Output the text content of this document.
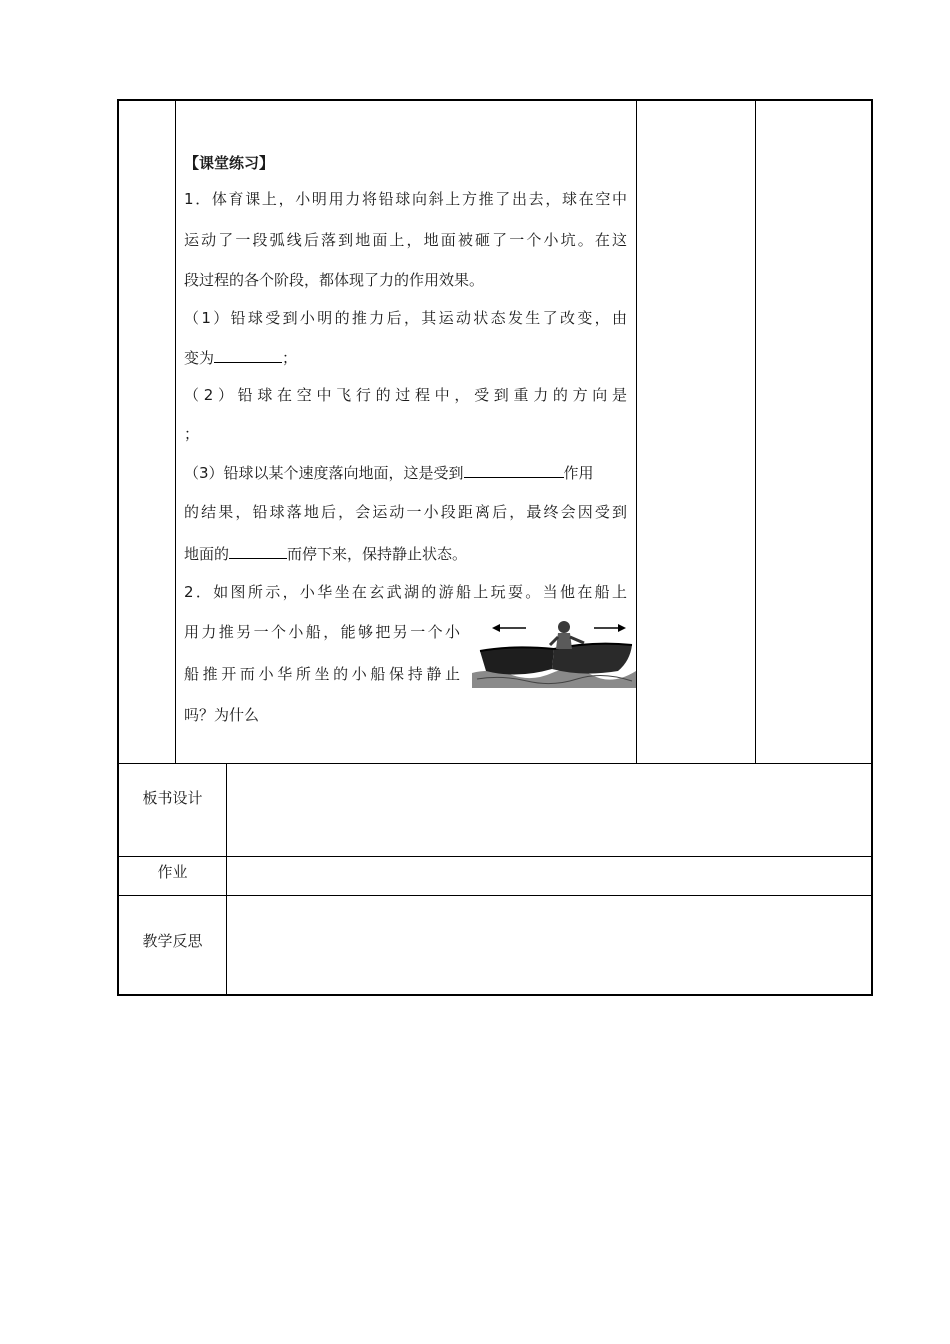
【课堂练习】
1．体育课上，小明用力将铅球向斜上方推了出去，球在空中
运动了一段弧线后落到地面上，地面被砸了一个小坑。在这
段过程的各个阶段，都体现了力的作用效果。
（1）铅球受到小明的推力后，其运动状态发生了改变，由
变为	；
（2）铅球在空中飞行的过程中，受到重力的方向是
；
（3）铅球以某个速度落向地面，这是受到	作用
的结果，铅球落地后，会运动一小段距离后，最终会因受到
地面的	而停下来，保持静止状态。
2．如图所示，小华坐在玄武湖的游船上玩耍。当他在船上
用力推另一个小船，能够把另一个小
船推开而小华所坐的小船保持静止
吗？为什么
板书设计
作业
教学反思
